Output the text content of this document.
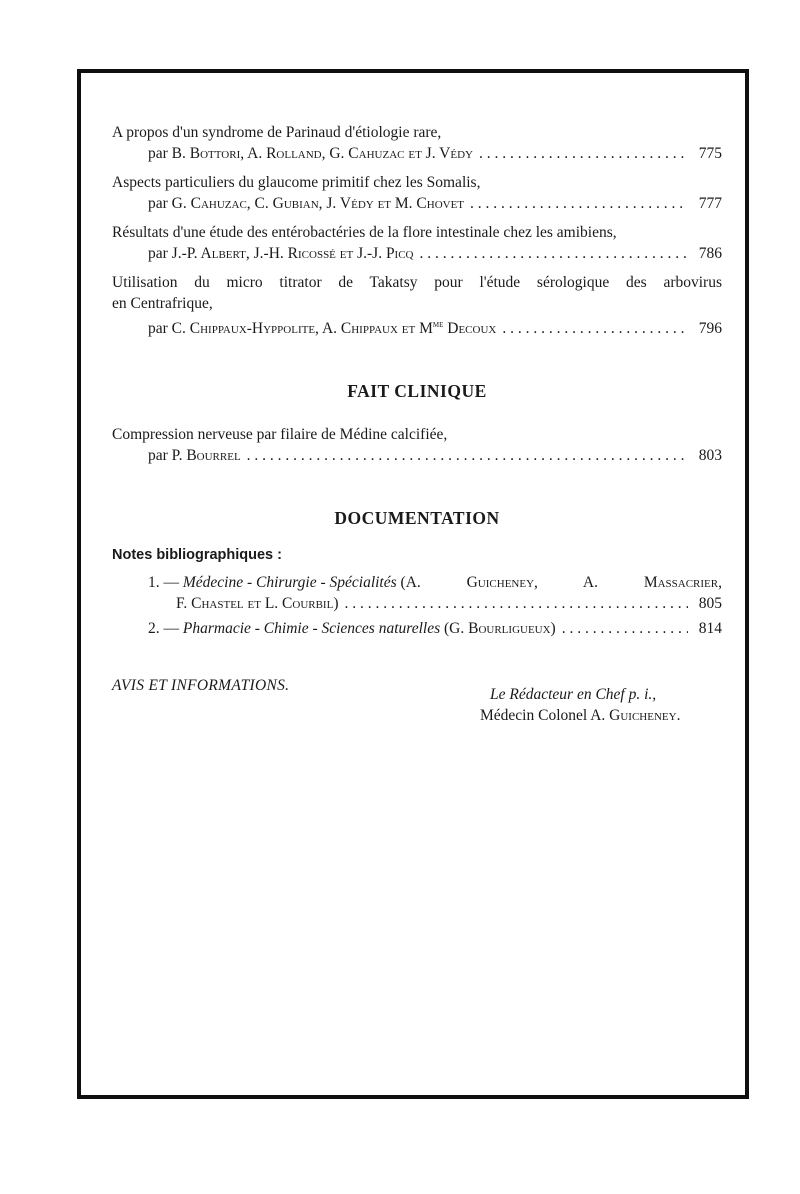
A propos d'un syndrome de Parinaud d'étiologie rare,
par
B. Bottori, A. Rolland, G. Cahuzac et J. Védy . . .	775
Aspects particuliers du glaucome primitif chez les Somalis,
par
G. Cahuzac, C. Gubian, J. Védy et M. Chovet . . .	777
Résultats d'une étude des entérobactéries de la flore intestinale chez les amibiens,
par
J.-P. Albert, J.-H. Ricossé et J.-J. Picq . . .	786
Utilisation du micro titrator de Takatsy pour l'étude sérologique des arbovirus
en Centrafrique,
par
C. Chippaux-Hyppolite, A. Chippaux et $M^{me}$ Decoux . . .	796
FAIT CLINIQUE
Compression nerveuse par filaire de Médine calcifiée,
par
P. Bourrel . . .	803
DOCUMENTATION
Notes bibliographiques :
1. —
Médecine - Chirurgie - Spécialités
(A. Guicheney, A. Massacrier,
F. Chastel et L. Courbil) . . .	805
2. —
Pharmacie - Chimie - Sciences naturelles
(G. Bourligueux) . . .	814
AVIS ET INFORMATIONS.
Le Rédacteur en Chef p. i.,
Médecin Colonel A. Guicheney.
